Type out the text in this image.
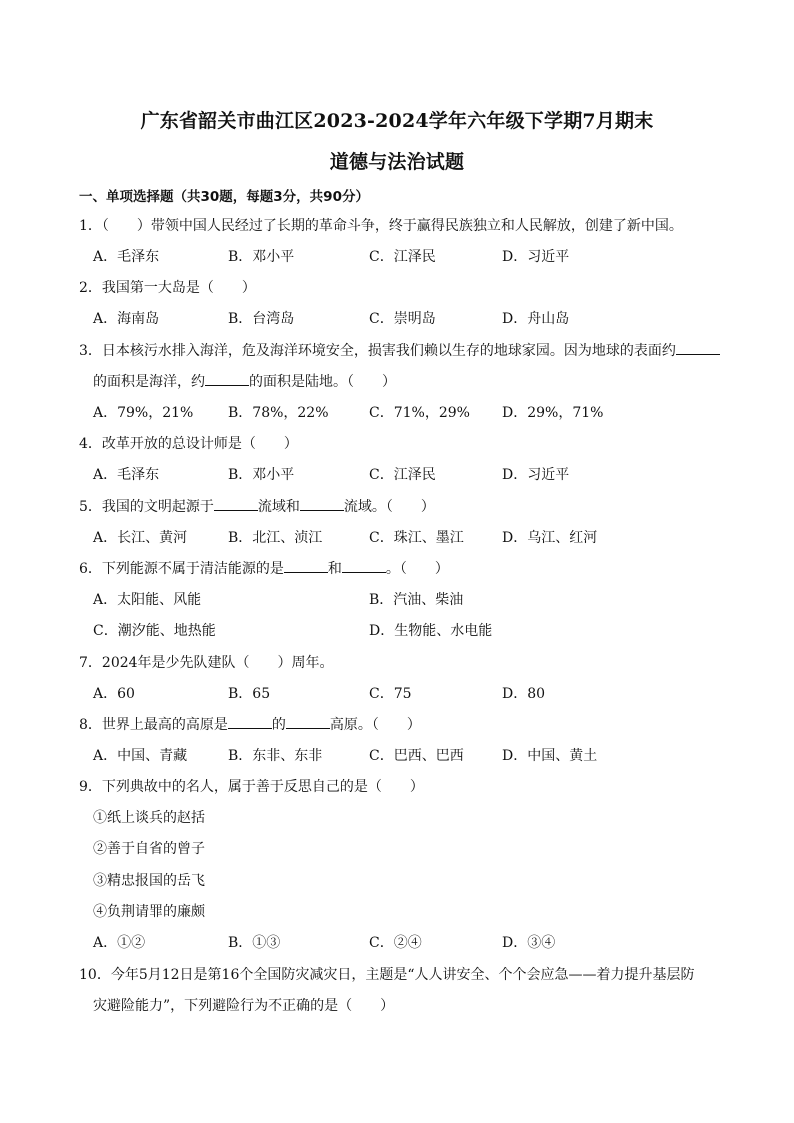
广东省韶关市曲江区2023-2024学年六年级下学期7月期末
道德与法治试题
一、单项选择题（共30题，每题3分，共90分）
1．（　　）带领中国人民经过了长期的革命斗争，终于赢得民族独立和人民解放，创建了新中国。
A．毛泽东	B．邓小平	C．江泽民	D．习近平
2．我国第一大岛是（　　）
A．海南岛	B．台湾岛	C．崇明岛	D．舟山岛
3．日本核污水排入海洋，危及海洋环境安全，损害我们赖以生存的地球家园。因为地球的表面约
的面积是海洋，约	的面积是陆地。（　　）
A．79%，21% B．78%，22%	C．71%，29% D．29%，71%
4．改革开放的总设计师是（　　）
A．毛泽东	B．邓小平	C．江泽民	D．习近平
5．我国的文明起源于	流域和	流域。（　　）
A．长江、黄河	B．北江、浈江	C．珠江、墨江	D．乌江、红河
6．下列能源不属于清洁能源的是	和	。（　　）
A．太阳能、风能	B．汽油、柴油
C．潮汐能、地热能	D．生物能、水电能
7．2024年是少先队建队（　　）周年。
A．60	B．65	C．75	D．80
8．世界上最高的高原是	的	高原。（　　）
A．中国、青藏	B．东非、东非	C．巴西、巴西	D．中国、黄土
9．下列典故中的名人，属于善于反思自己的是（　　）
①纸上谈兵的赵括
②善于自省的曾子
③精忠报国的岳飞
④负荆请罪的廉颇
A．①②	B．①③	C．②④	D．③④
10．今年5月12日是第16个全国防灾减灾日，主题是“人人讲安全、个个会应急——着力提升基层防
灾避险能力”，下列避险行为不正确的是（　　）
